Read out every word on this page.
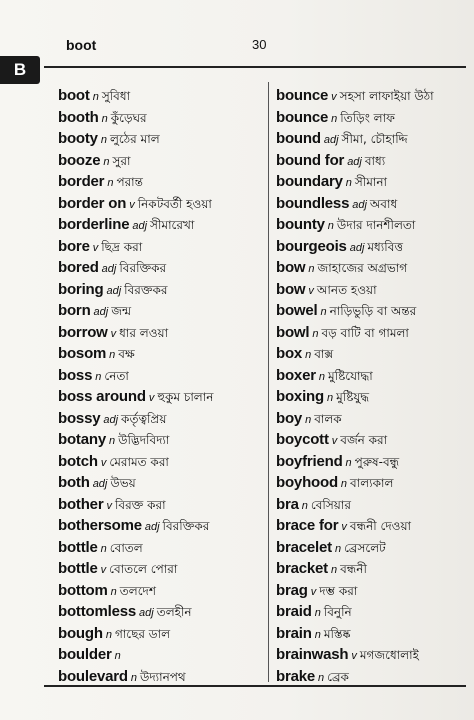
boot	30
B
boot n সুবিধা
booth n কুঁড়েঘর
booty n লুঠের মাল
booze n সুরা
border n পরান্ত
border on v নিকটবর্তী হওয়া
borderline adj সীমারেখা
bore v ছিদ্র করা
bored adj বিরক্তিকর
boring adj বিরক্তকর
born adj জন্ম
borrow v ধার লওয়া
bosom n বক্ষ
boss n নেতা
boss around v হুকুম চালান
bossy adj কর্তৃত্বপ্রিয়
botany n উদ্ভিদবিদ্যা
botch v মেরামত করা
both adj উভয়
bother v বিরক্ত করা
bothersome adj বিরক্তিকর
bottle n বোতল
bottle v বোতলে পোরা
bottom n তলদেশ
bottomless adj তলহীন
bough n গাছের ডাল
boulder n
boulevard n উদ্যানপথ
bounce v সহসা লাফাইয়া উঠা
bounce n তিড়িং লাফ
bound adj সীমা, চৌহাদ্দি
bound for adj বাধ্য
boundary n সীমানা
boundless adj অবাধ
bounty n উদার দানশীলতা
bourgeois adj মধ্যবিত্ত
bow n জাহাজের অগ্রভাগ
bow v আনত হওয়া
bowel n নাড়িভুড়ি বা অন্তর
bowl n বড় বাটি বা গামলা
box n বাক্স
boxer n মুষ্টিযোদ্ধা
boxing n মুষ্টিযুদ্ধ
boy n বালক
boycott v বর্জন করা
boyfriend n পুরুষ-বন্ধু
boyhood n বাল্যকাল
bra n বেসিয়ার
brace for v বন্ধনী দেওয়া
bracelet n ব্রেসলেট
bracket n বন্ধনী
brag v দম্ভ করা
braid n বিনুনি
brain n মস্তিষ্ক
brainwash v মগজধোলাই
brake n ব্রেক
